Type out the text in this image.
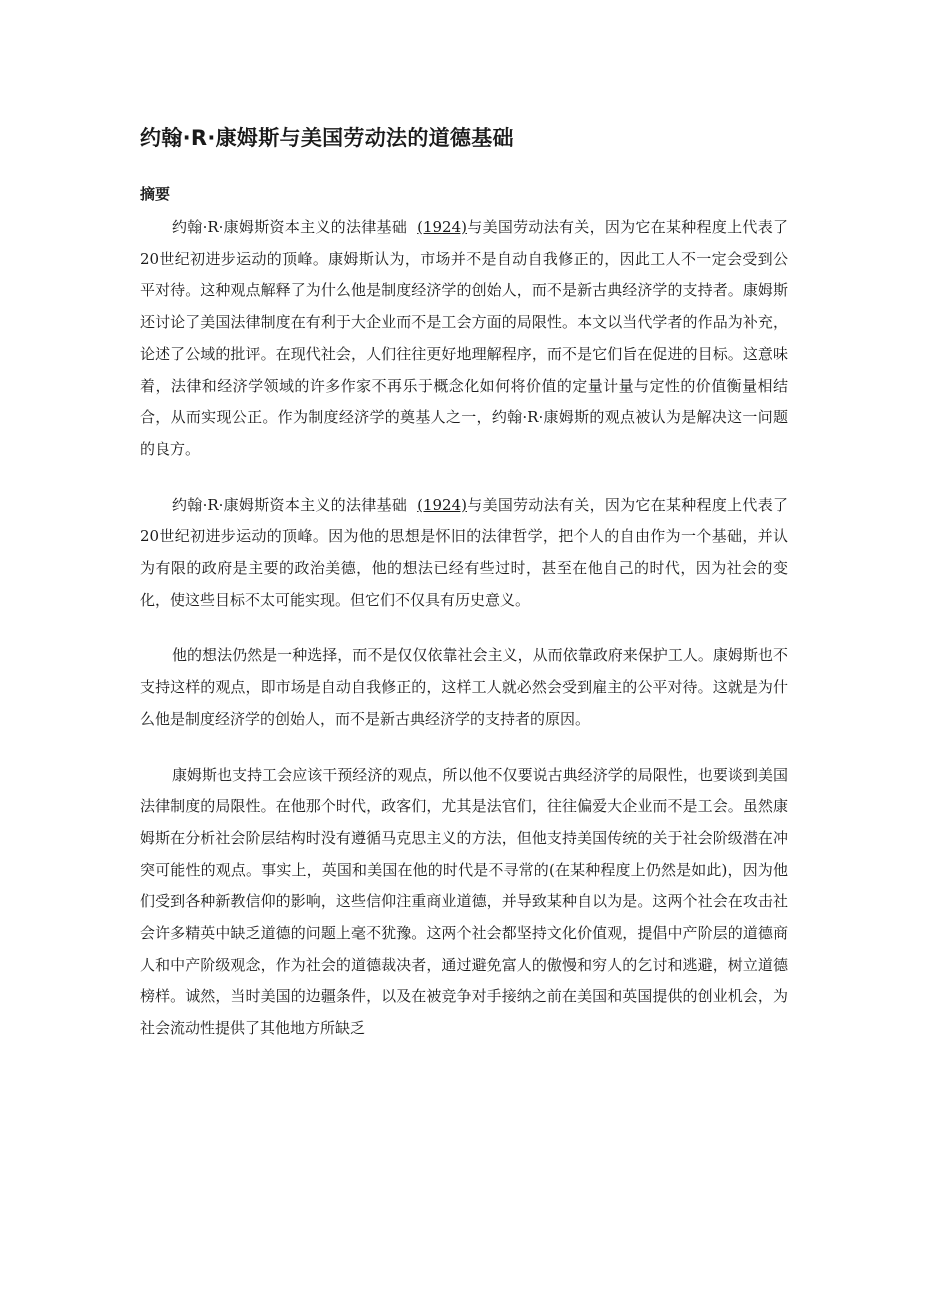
约翰·R·康姆斯与美国劳动法的道德基础
摘要

约翰·R·康姆斯资本主义的法律基础 (1924)与美国劳动法有关，因为它在某种程度上代表了20世纪初进步运动的顶峰。康姆斯认为，市场并不是自动自我修正的，因此工人不一定会受到公平对待。这种观点解释了为什么他是制度经济学的创始人，而不是新古典经济学的支持者。康姆斯还讨论了美国法律制度在有利于大企业而不是工会方面的局限性。本文以当代学者的作品为补充，论述了公域的批评。在现代社会，人们往往更好地理解程序，而不是它们旨在促进的目标。这意味着，法律和经济学领域的许多作家不再乐于概念化如何将价值的定量计量与定性的价值衡量相结合，从而实现公正。作为制度经济学的奠基人之一，约翰·R·康姆斯的观点被认为是解决这一问题的良方。

约翰·R·康姆斯资本主义的法律基础 (1924)与美国劳动法有关，因为它在某种程度上代表了20世纪初进步运动的顶峰。因为他的思想是怀旧的法律哲学，把个人的自由作为一个基础，并认为有限的政府是主要的政治美德，他的想法已经有些过时，甚至在他自己的时代，因为社会的变化，使这些目标不太可能实现。但它们不仅具有历史意义。

他的想法仍然是一种选择，而不是仅仅依靠社会主义，从而依靠政府来保护工人。康姆斯也不支持这样的观点，即市场是自动自我修正的，这样工人就必然会受到雇主的公平对待。这就是为什么他是制度经济学的创始人，而不是新古典经济学的支持者的原因。

康姆斯也支持工会应该干预经济的观点，所以他不仅要说古典经济学的局限性，也要谈到美国法律制度的局限性。在他那个时代，政客们，尤其是法官们，往往偏爱大企业而不是工会。虽然康姆斯在分析社会阶层结构时没有遵循马克思主义的方法，但他支持美国传统的关于社会阶级潜在冲突可能性的观点。事实上，英国和美国在他的时代是不寻常的(在某种程度上仍然是如此)，因为他们受到各种新教信仰的影响，这些信仰注重商业道德，并导致某种自以为是。这两个社会在攻击社会许多精英中缺乏道德的问题上毫不犹豫。这两个社会都坚持文化价值观，提倡中产阶层的道德商人和中产阶级观念，作为社会的道德裁决者，通过避免富人的傲慢和穷人的乞讨和逃避，树立道德榜样。诚然，当时美国的边疆条件，以及在被竞争对手接纳之前在美国和英国提供的创业机会，为社会流动性提供了其他地方所缺乏
